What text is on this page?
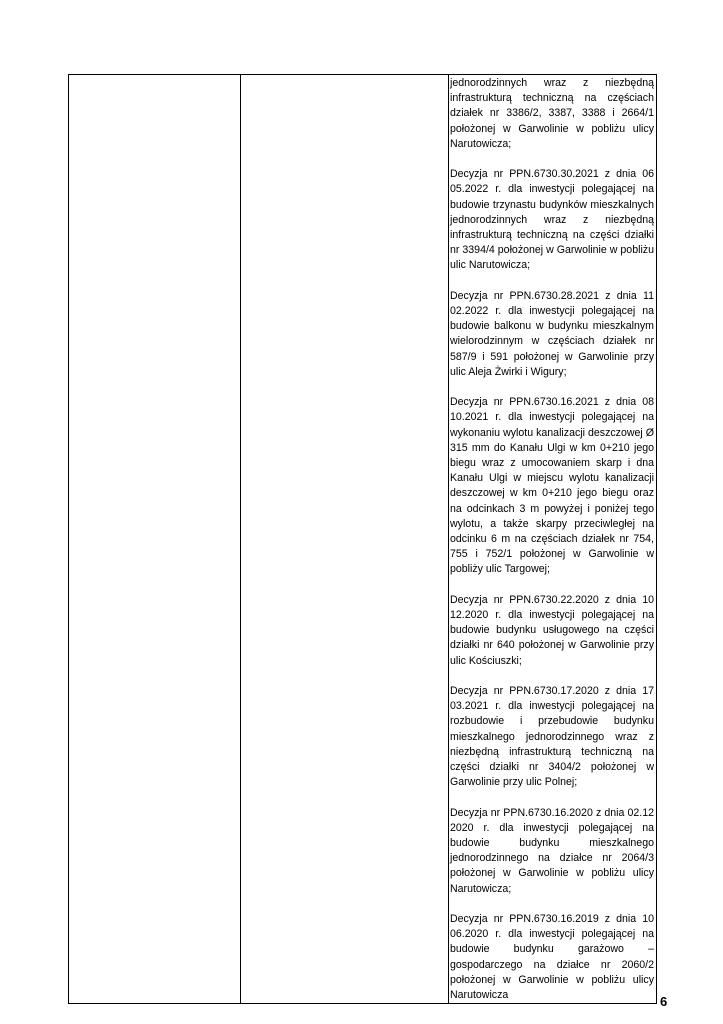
jednorodzinnych wraz z niezbędną infrastrukturą techniczną na częściach działek nr 3386/2, 3387, 3388 i 2664/1 położonej w Garwolinie w pobliżu ulicy Narutowicza;

Decyzja nr PPN.6730.30.2021 z dnia 06 05.2022 r. dla inwestycji polegającej na budowie trzynastu budynków mieszkalnych jednorodzinnych wraz z niezbędną infrastrukturą techniczną na części działki nr 3394/4 położonej w Garwolinie w pobliżu ulic Narutowicza;

Decyzja nr PPN.6730.28.2021 z dnia 11 02.2022 r. dla inwestycji polegającej na budowie balkonu w budynku mieszkalnym wielorodzinnym w częściach działek nr 587/9 i 591 położonej w Garwolinie przy ulic Aleja Żwirki i Wigury;

Decyzja nr PPN.6730.16.2021 z dnia 08 10.2021 r. dla inwestycji polegającej na wykonaniu wylotu kanalizacji deszczowej Ø 315 mm do Kanału Ulgi w km 0+210 jego biegu wraz z umocowaniem skarp i dna Kanału Ulgi w miejscu wylotu kanalizacji deszczowej w km 0+210 jego biegu oraz na odcinkach 3 m powyżej i poniżej tego wylotu, a także skarpy przeciwległej na odcinku 6 m na częściach działek nr 754, 755 i 752/1 położonej w Garwolinie w pobliży ulic Targowej;

Decyzja nr PPN.6730.22.2020 z dnia 10 12.2020 r. dla inwestycji polegającej na budowie budynku usługowego na części działki nr 640 położonej w Garwolinie przy ulic Kościuszki;

Decyzja nr PPN.6730.17.2020 z dnia 17 03.2021 r. dla inwestycji polegającej na rozbudowie i przebudowie budynku mieszkalnego jednorodzinnego wraz z niezbędną infrastrukturą techniczną na części działki nr 3404/2 położonej w Garwolinie przy ulic Polnej;

Decyzja nr PPN.6730.16.2020 z dnia 02.12 2020 r. dla inwestycji polegającej na budowie budynku mieszkalnego jednorodzinnego na działce nr 2064/3 położonej w Garwolinie w pobliżu ulicy Narutowicza;

Decyzja nr PPN.6730.16.2019 z dnia 10 06.2020 r. dla inwestycji polegającej na budowie budynku garażowo – gospodarczego na działce nr 2060/2 położonej w Garwolinie w pobliżu ulicy Narutowicza	6
